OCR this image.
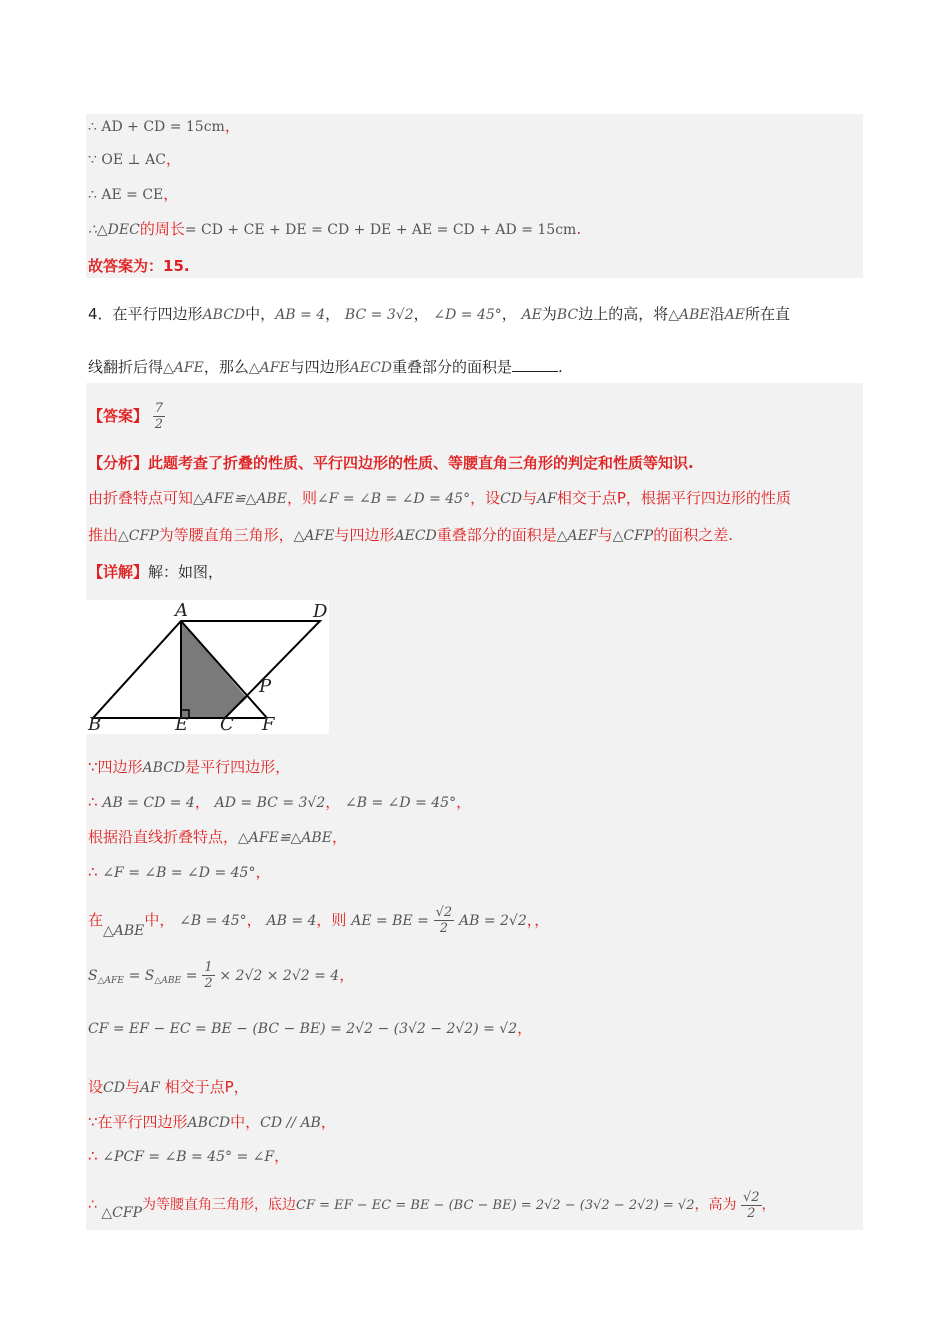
∴ AD + CD = 15cm，
∵ OE ⊥ AC，
∴ AE = CE，
∴△DEC的周长= CD + CE + DE = CD + DE + AE = CD + AD = 15cm.
故答案为：15.
4．在平行四边形ABCD中，AB = 4， BC = 3√2， ∠D = 45°， AE为BC边上的高，将△ABE沿AE所在直
线翻折后得△AFE，那么△AFE与四边形AECD重叠部分的面积是	.
【答案】 $\frac{7}{2}$
【分析】此题考查了折叠的性质、平行四边形的性质、等腰直角三角形的判定和性质等知识.
由折叠特点可知△AFE≌△ABE，则∠F = ∠B = ∠D = 45°，设CD与AF相交于点P，根据平行四边形的性质
推出△CFP为等腰直角三角形，△AFE与四边形AECD重叠部分的面积是△AEF与△CFP的面积之差.
【详解】解：如图，
A	D
B	E C F
P
∵四边形ABCD是平行四边形，
∴ AB = CD = 4， AD = BC = 3√2， ∠B = ∠D = 45°，
根据沿直线折叠特点，△AFE≌△ABE，
∴ ∠F = ∠B = ∠D = 45°，
在△ABE中， ∠B = 45°， AB = 4，则 AE = BE = $\frac{√2}{2}$ AB = 2√2，，
$S_{\triangle AFE} = S_{\triangle ABE} = \frac{1}{2} \times 2√2 \times 2√2 = 4$，
CF = EF − EC = BE − (BC − BE) = 2√2 − (3√2 − 2√2) = √2，
设CD与AF 相交于点P，
∵在平行四边形ABCD中，CD // AB，
∴ ∠PCF = ∠B = 45° = ∠F，
∴ △CFP为等腰直角三角形，底边CF = EF − EC = BE − (BC − BE) = 2√2 − (3√2 − 2√2) = √2，高为 $\frac{√2}{2}$ ，
